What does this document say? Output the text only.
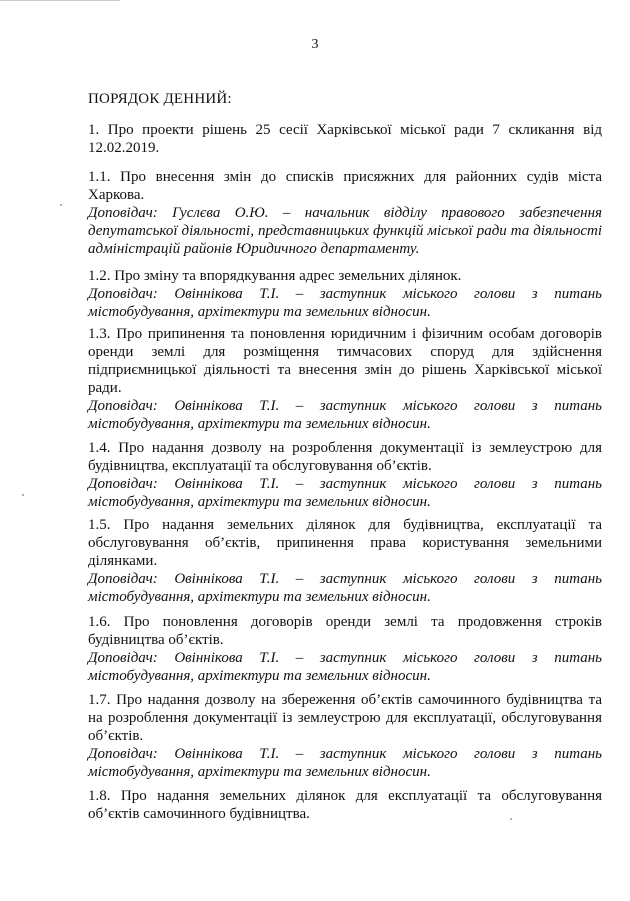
3
ПОРЯДОК ДЕННИЙ:

1. Про проекти рішень 25 сесії Харківської міської ради 7 скликання від 12.02.2019.

1.1. Про внесення змін до списків присяжних для районних судів міста Харкова.

Доповідач: Гуслєва О.Ю. – начальник відділу правового забезпечення депутатської діяльності, представницьких функцій міської ради та діяльності адміністрацій районів Юридичного департаменту.

1.2. Про зміну та впорядкування адрес земельних ділянок.

Доповідач: Овіннікова Т.І. – заступник міського голови з питань містобудування, архітектури та земельних відносин.

1.3. Про припинення та поновлення юридичним і фізичним особам договорів оренди землі для розміщення тимчасових споруд для здійснення підприємницької діяльності та внесення змін до рішень Харківської міської ради.

Доповідач: Овіннікова Т.І. – заступник міського голови з питань містобудування, архітектури та земельних відносин.

1.4. Про надання дозволу на розроблення документації із землеустрою для будівництва, експлуатації та обслуговування об’єктів.

Доповідач: Овіннікова Т.І. – заступник міського голови з питань містобудування, архітектури та земельних відносин.

1.5. Про надання земельних ділянок для будівництва, експлуатації та обслуговування об’єктів, припинення права користування земельними ділянками.

Доповідач: Овіннікова Т.І. – заступник міського голови з питань містобудування, архітектури та земельних відносин.

1.6. Про поновлення договорів оренди землі та продовження строків будівництва об’єктів.

Доповідач: Овіннікова Т.І. – заступник міського голови з питань містобудування, архітектури та земельних відносин.

1.7. Про надання дозволу на збереження об’єктів самочинного будівництва та на розроблення документації із землеустрою для експлуатації, обслуговування об’єктів.

Доповідач: Овіннікова Т.І. – заступник міського голови з питань містобудування, архітектури та земельних відносин.

1.8. Про надання земельних ділянок для експлуатації та обслуговування об’єктів самочинного будівництва.
